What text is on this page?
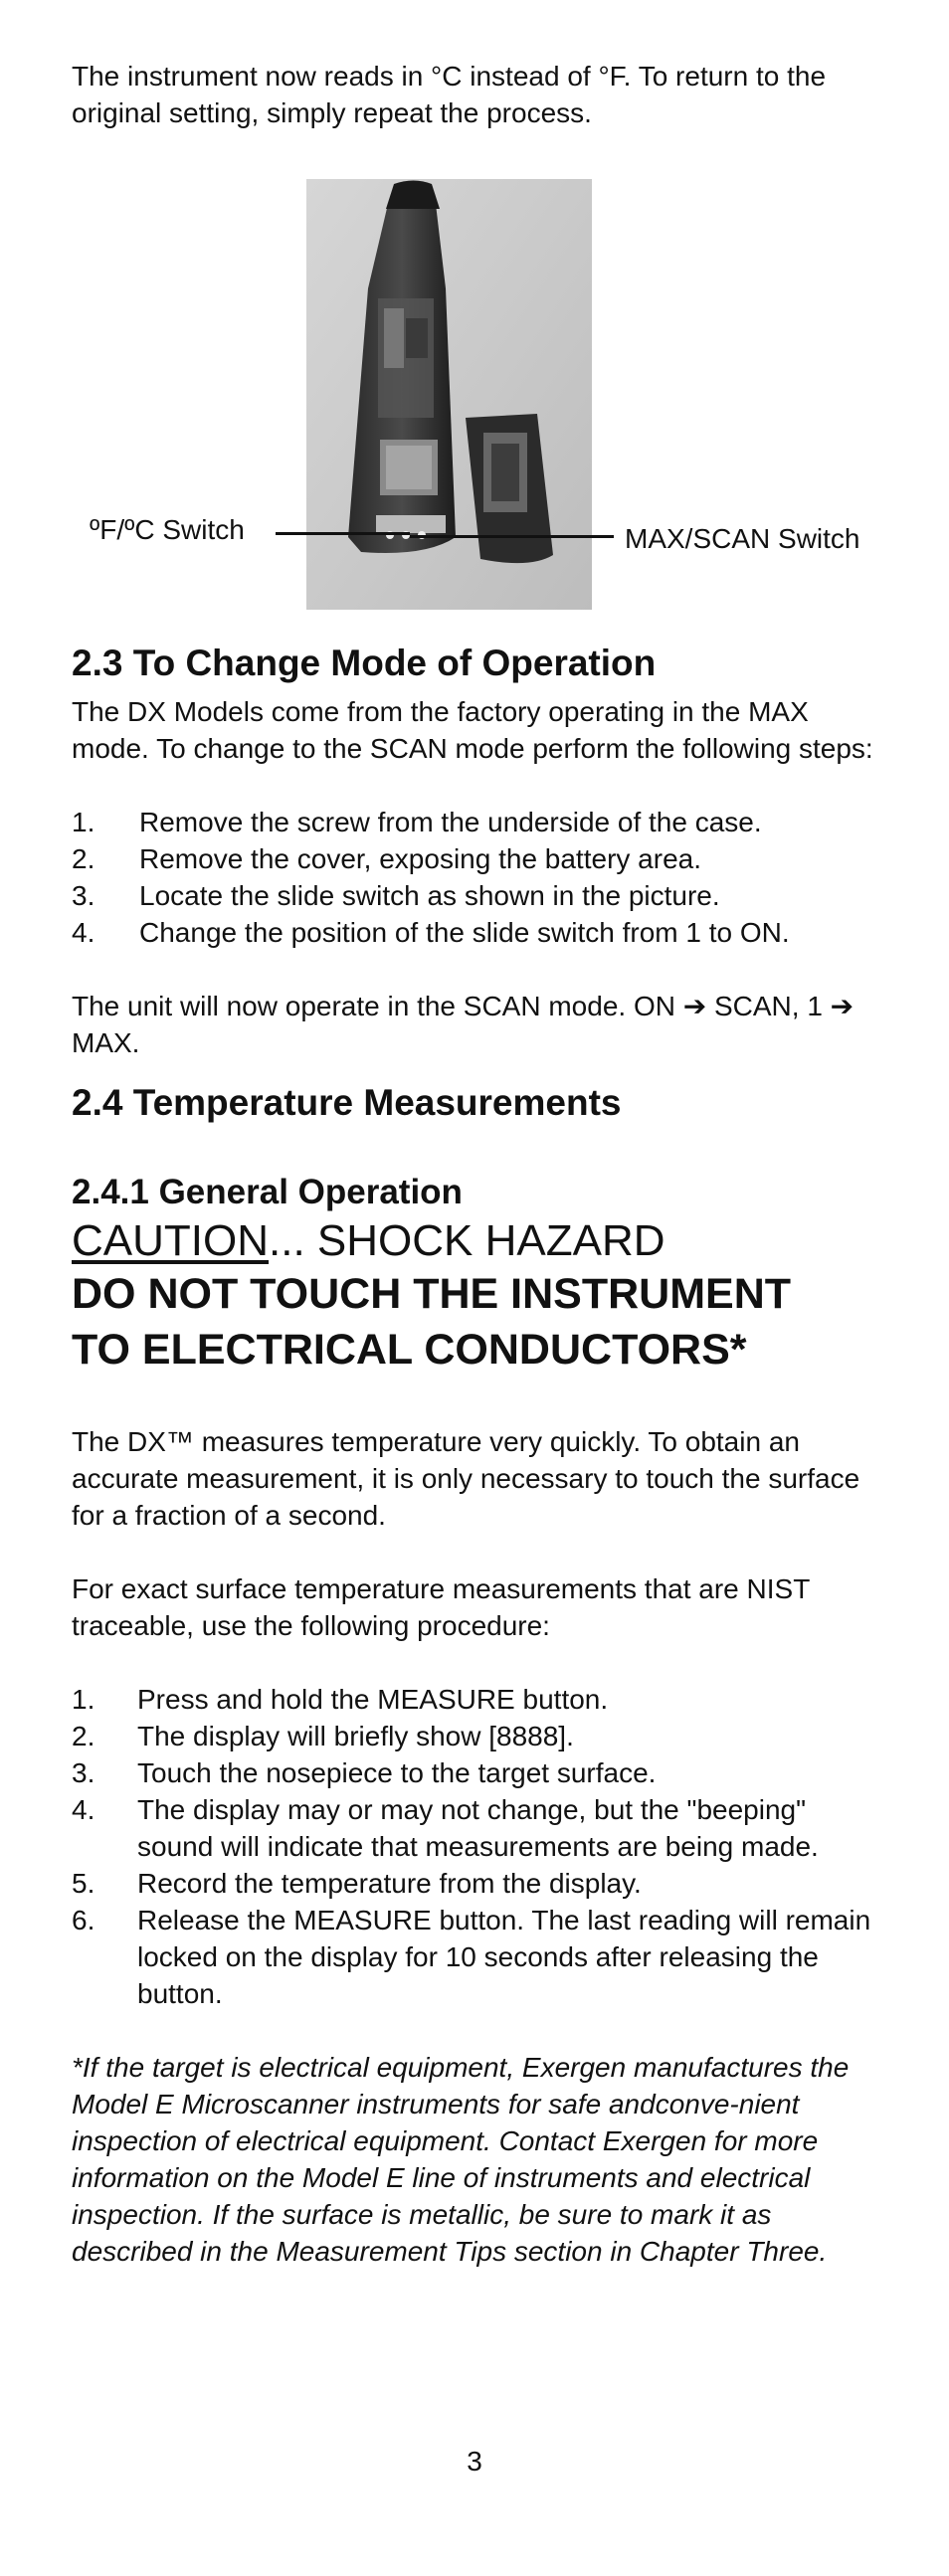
The instrument now reads in °C instead of °F. To return to the original setting, simply repeat the process.

ºF/ºC Switch	MAX/SCAN Switch
2.3 To Change Mode of Operation

The DX Models come from the factory operating in the MAX mode. To change to the SCAN mode perform the following steps:

1. Remove the screw from the underside of the case.
2. Remove the cover, exposing the battery area.
3. Locate the slide switch as shown in the picture.
4. Change the position of the slide switch from 1 to ON.

The unit will now operate in the SCAN mode. ON ➔ SCAN, 1 ➔ MAX.

2.4 Temperature Measurements
2.4.1 General Operation
CAUTION... SHOCK HAZARD
DO NOT TOUCH THE INSTRUMENT
TO ELECTRICAL CONDUCTORS*

The DX™ measures temperature very quickly. To obtain an accurate measurement, it is only necessary to touch the surface for a fraction of a second.

For exact surface temperature measurements that are NIST traceable, use the following procedure:

1. Press and hold the MEASURE button.
2. The display will briefly show [8888].
3. Touch the nosepiece to the target surface.
4. The display may or may not change, but the "beeping" sound will indicate that measurements are being made.
5. Record the temperature from the display.
6. Release the MEASURE button. The last reading will remain locked on the display for 10 seconds after releasing the button.

*If the target is electrical equipment, Exergen manufactures the Model E Microscanner instruments for safe andconve-nient inspection of electrical equipment. Contact Exergen for more information on the Model E line of instruments and electrical inspection. If the surface is metallic, be sure to mark it as described in the Measurement Tips section in Chapter Three.

3
